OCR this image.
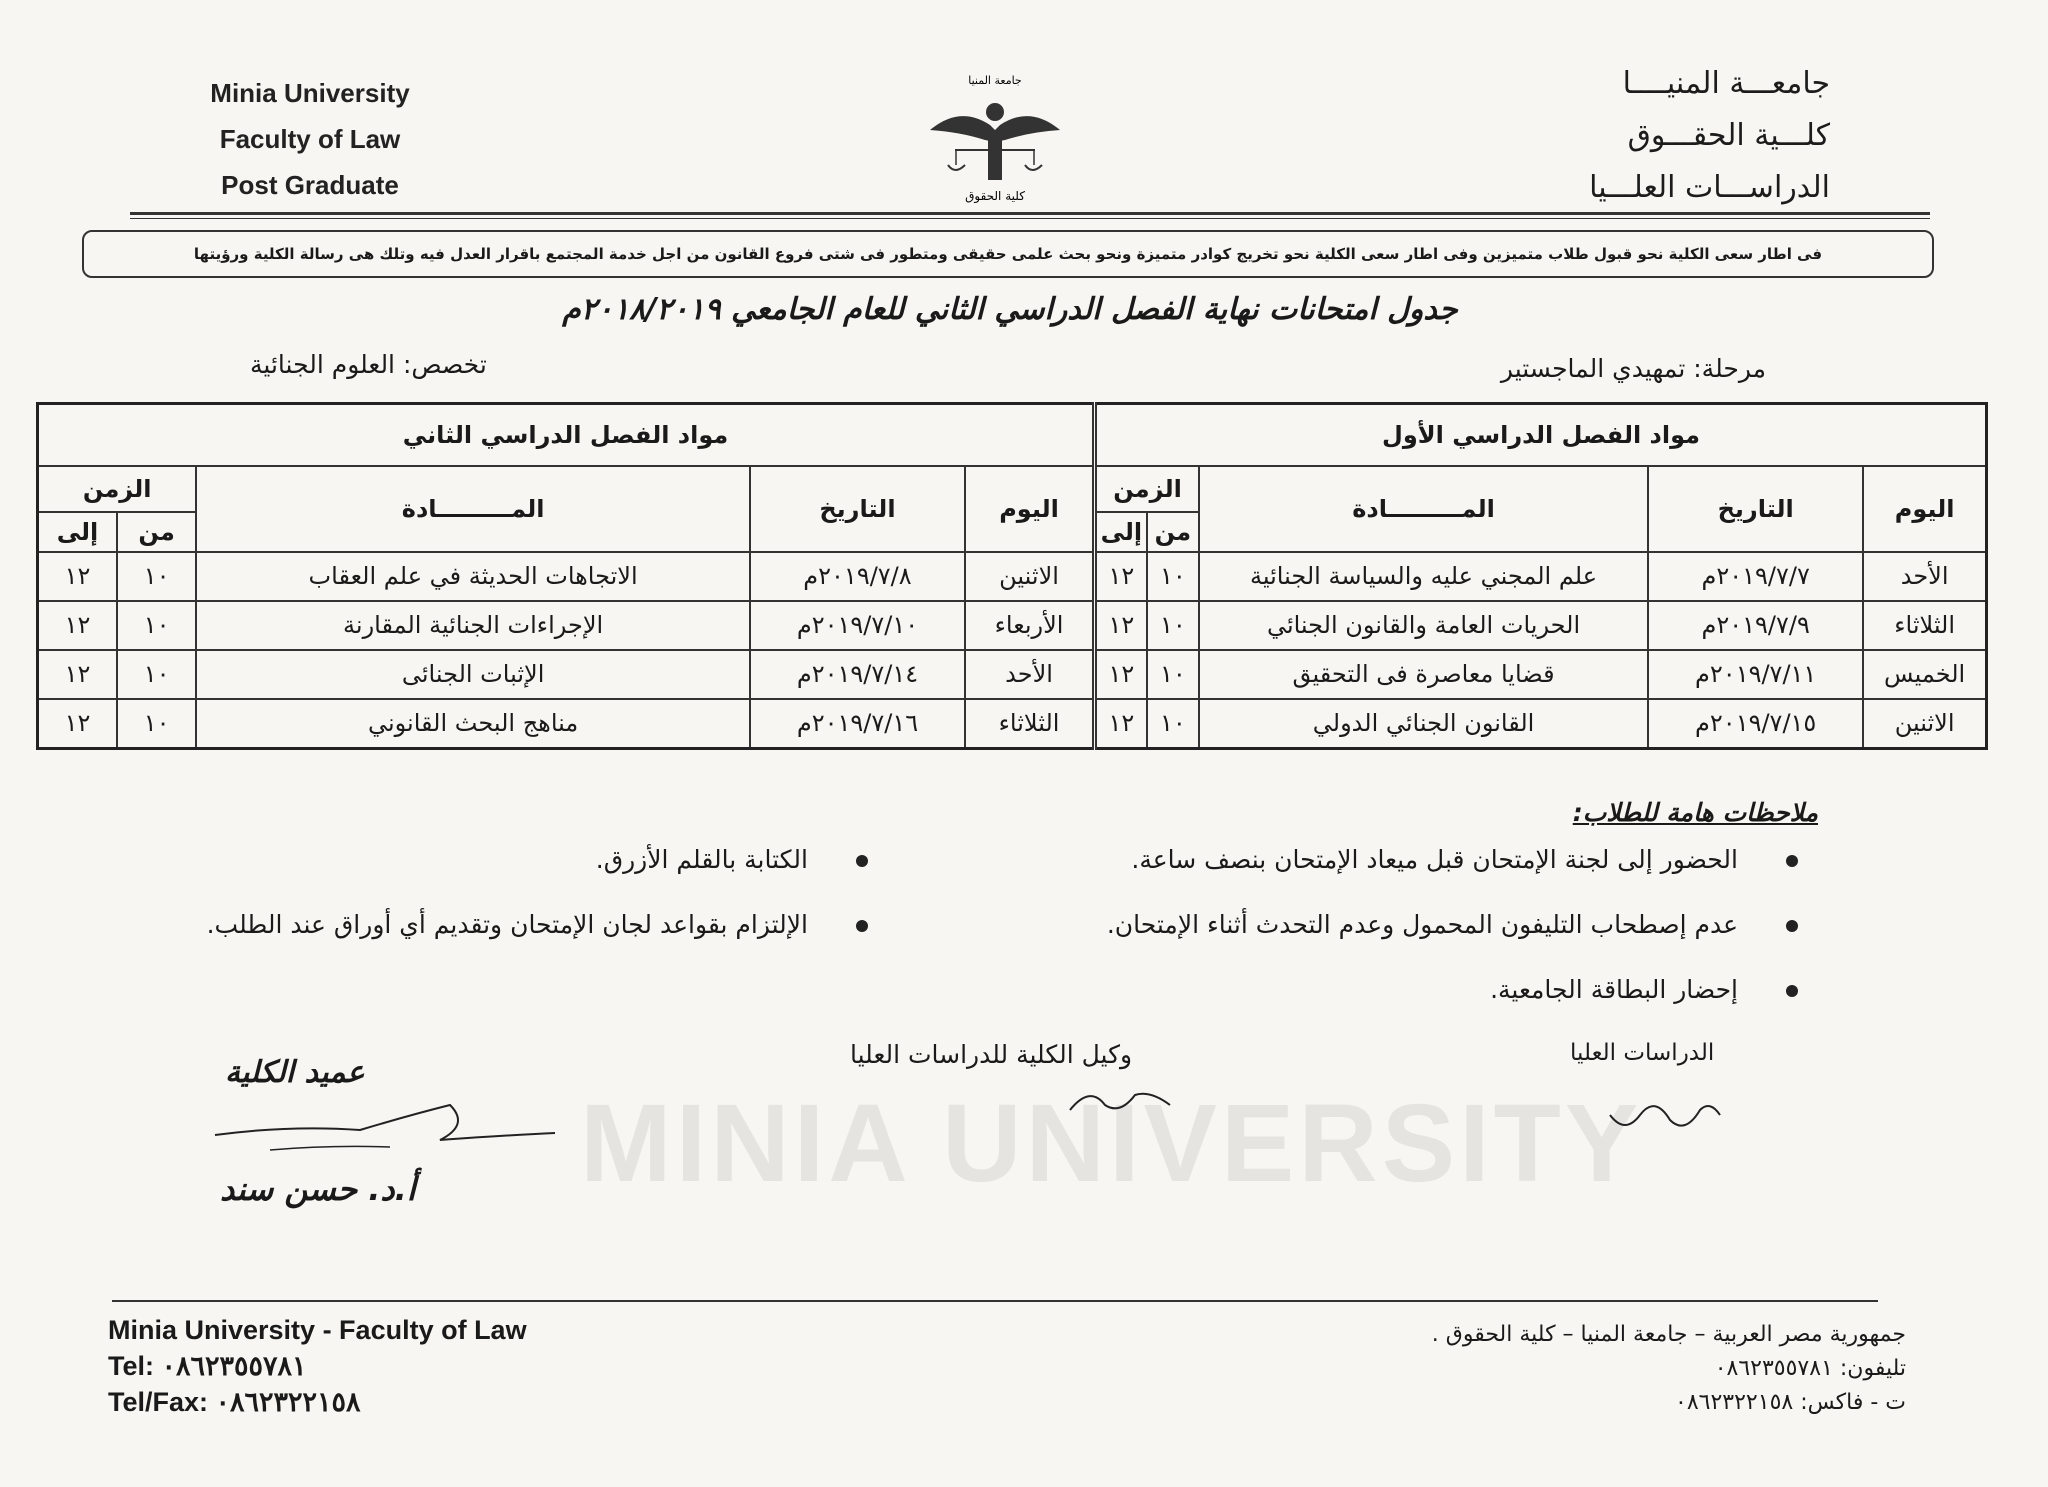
MINIA UNIVERSITY
Minia University
Faculty of Law
Post Graduate
جامعة المنيا
كلية الحقوق
جامعـــة المنيــــا
كلـــية الحقـــوق
الدراســـات العلـــيا
فى اطار سعى الكلية نحو قبول طلاب متميزين وفى اطار سعى الكلية نحو تخريج كوادر متميزة ونحو بحث علمى حقيقى ومتطور فى شتى فروع القانون من اجل خدمة المجتمع باقرار العدل فيه وتلك هى رسالة الكلية ورؤيتها
جدول امتحانات نهاية الفصل الدراسي الثاني للعام الجامعي ٢٠١٨/٢٠١٩م
مرحلة: تمهيدي الماجستير
تخصص: العلوم الجنائية
مواد الفصل الدراسي الأول					مواد الفصل الدراسي الثاني				
اليوم	التاريخ	المـــــــــادة	الزمن		اليوم	التاريخ	المـــــــــادة	الزمن	
			من	إلى				من	إلى
الأحد	٢٠١٩/٧/٧م	علم المجني عليه والسياسة الجنائية	١٠	١٢	الاثنين	٢٠١٩/٧/٨م	الاتجاهات الحديثة في علم العقاب	١٠	١٢
الثلاثاء	٢٠١٩/٧/٩م	الحريات العامة والقانون الجنائي	١٠	١٢	الأربعاء	٢٠١٩/٧/١٠م	الإجراءات الجنائية المقارنة	١٠	١٢
الخميس	٢٠١٩/٧/١١م	قضايا معاصرة فى التحقيق	١٠	١٢	الأحد	٢٠١٩/٧/١٤م	الإثبات الجنائى	١٠	١٢
الاثنين	٢٠١٩/٧/١٥م	القانون الجنائي الدولي	١٠	١٢	الثلاثاء	٢٠١٩/٧/١٦م	مناهج البحث القانوني	١٠	١٢
ملاحظات هامة للطلاب:
الحضور إلى لجنة الإمتحان قبل ميعاد الإمتحان بنصف ساعة.
عدم إصطحاب التليفون المحمول وعدم التحدث أثناء الإمتحان.
إحضار البطاقة الجامعية.
الكتابة بالقلم الأزرق.
الإلتزام بقواعد لجان الإمتحان وتقديم أي أوراق عند الطلب.
عميد الكلية
أ.د. حسن سند
وكيل الكلية للدراسات العليا	الدراسات العليا
Minia University - Faculty of Law
Tel: ٠٨٦٢٣٥٥٧٨١
Tel/Fax: ٠٨٦٢٣٢٢١٥٨
جمهورية مصر العربية – جامعة المنيا – كلية الحقوق .
تليفون: ٠٨٦٢٣٥٥٧٨١
ت - فاكس: ٠٨٦٢٣٢٢١٥٨
